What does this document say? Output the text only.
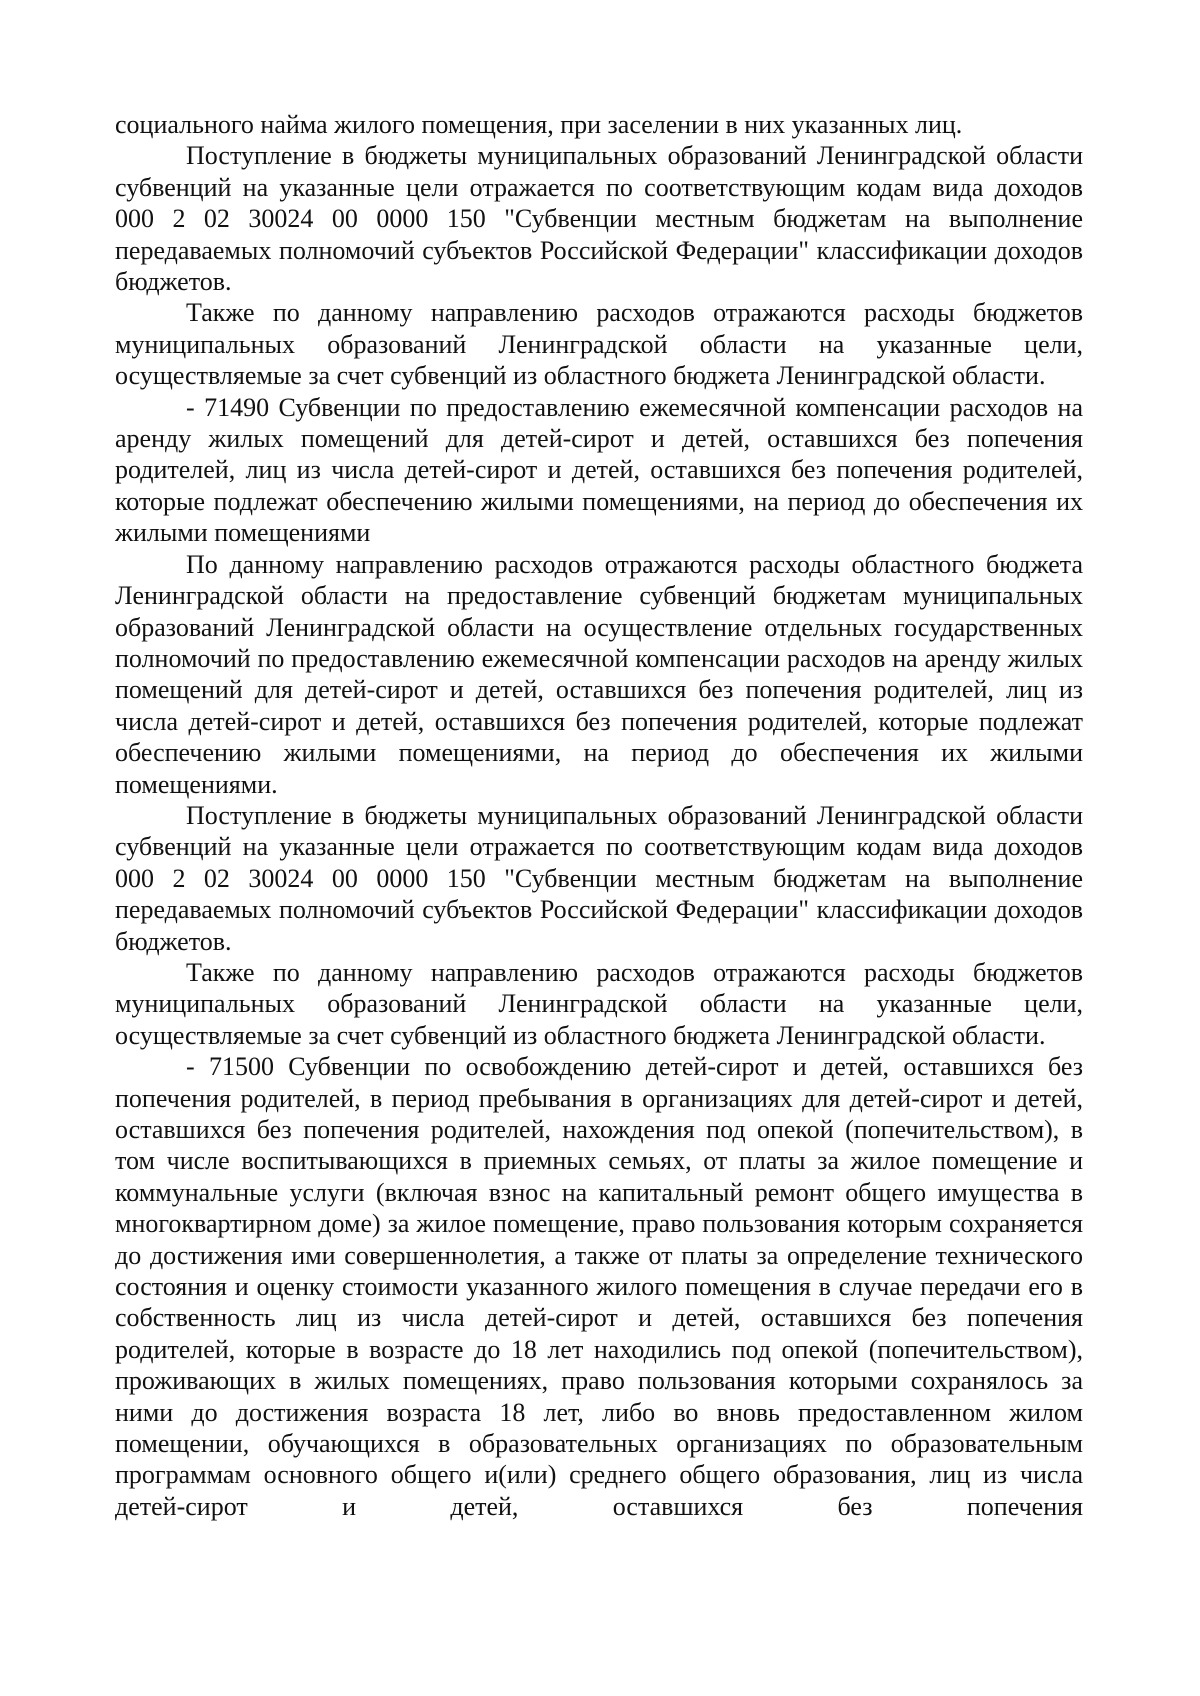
социального найма жилого помещения, при заселении в них указанных лиц.

Поступление в бюджеты муниципальных образований Ленинградской области субвенций на указанные цели отражается по соответствующим кодам вида доходов 000 2 02 30024 00 0000 150 "Субвенции местным бюджетам на выполнение передаваемых полномочий субъектов Российской Федерации" классификации доходов бюджетов.

Также по данному направлению расходов отражаются расходы бюджетов муниципальных образований Ленинградской области на указанные цели, осуществляемые за счет субвенций из областного бюджета Ленинградской области.

- 71490 Субвенции по предоставлению ежемесячной компенсации расходов на аренду жилых помещений для детей-сирот и детей, оставшихся без попечения родителей, лиц из числа детей-сирот и детей, оставшихся без попечения родителей, которые подлежат обеспечению жилыми помещениями, на период до обеспечения их жилыми помещениями

По данному направлению расходов отражаются расходы областного бюджета Ленинградской области на предоставление субвенций бюджетам муниципальных образований Ленинградской области на осуществление отдельных государственных полномочий по предоставлению ежемесячной компенсации расходов на аренду жилых помещений для детей-сирот и детей, оставшихся без попечения родителей, лиц из числа детей-сирот и детей, оставшихся без попечения родителей, которые подлежат обеспечению жилыми помещениями, на период до обеспечения их жилыми помещениями.

Поступление в бюджеты муниципальных образований Ленинградской области субвенций на указанные цели отражается по соответствующим кодам вида доходов 000 2 02 30024 00 0000 150 "Субвенции местным бюджетам на выполнение передаваемых полномочий субъектов Российской Федерации" классификации доходов бюджетов.

Также по данному направлению расходов отражаются расходы бюджетов муниципальных образований Ленинградской области на указанные цели, осуществляемые за счет субвенций из областного бюджета Ленинградской области.

- 71500 Субвенции по освобождению детей-сирот и детей, оставшихся без попечения родителей, в период пребывания в организациях для детей-сирот и детей, оставшихся без попечения родителей, нахождения под опекой (попечительством), в том числе воспитывающихся в приемных семьях, от платы за жилое помещение и коммунальные услуги (включая взнос на капитальный ремонт общего имущества в многоквартирном доме) за жилое помещение, право пользования которым сохраняется до достижения ими совершеннолетия, а также от платы за определение технического состояния и оценку стоимости указанного жилого помещения в случае передачи его в собственность лиц из числа детей-сирот и детей, оставшихся без попечения родителей, которые в возрасте до 18 лет находились под опекой (попечительством), проживающих в жилых помещениях, право пользования которыми сохранялось за ними до достижения возраста 18 лет, либо во вновь предоставленном жилом помещении, обучающихся в образовательных организациях по образовательным программам основного общего и(или) среднего общего образования, лиц из числа детей-сирот и детей, оставшихся без попечения
